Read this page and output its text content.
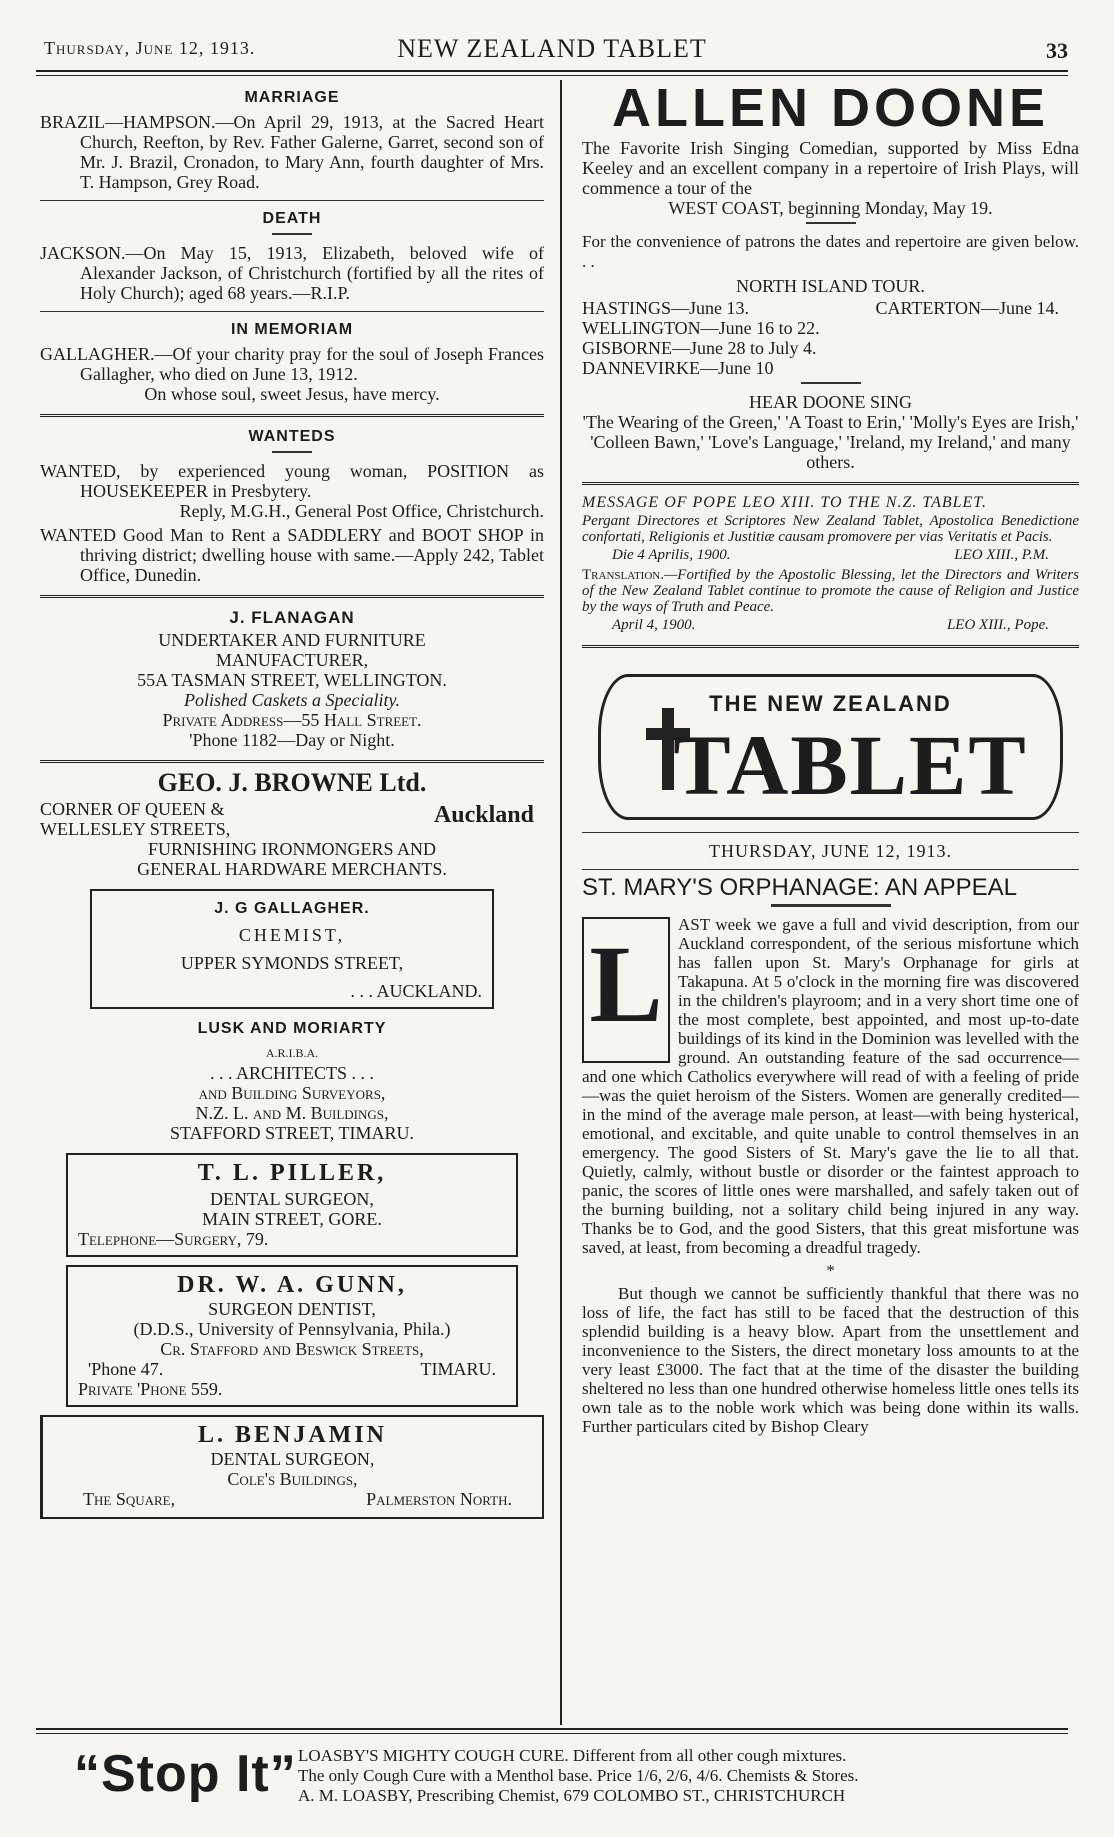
Thursday, June 12, 1913.	NEW ZEALAND TABLET	33
MARRIAGE

BRAZIL—HAMPSON.—On April 29, 1913, at the Sacred Heart Church, Reefton, by Rev. Father Galerne, Garret, second son of Mr. J. Brazil, Cronadon, to Mary Ann, fourth daughter of Mrs. T. Hampson, Grey Road.

DEATH

JACKSON.—On May 15, 1913, Elizabeth, beloved wife of Alexander Jackson, of Christchurch (fortified by all the rites of Holy Church); aged 68 years.—R.I.P.

IN MEMORIAM

GALLAGHER.—Of your charity pray for the soul of Joseph Frances Gallagher, who died on June 13, 1912.

On whose soul, sweet Jesus, have mercy.

WANTEDS

WANTED, by experienced young woman, POSITION as HOUSEKEEPER in Presbytery.

Reply, M.G.H., General Post Office, Christchurch.

WANTED Good Man to Rent a SADDLERY and BOOT SHOP in thriving district; dwelling house with same.—Apply 242, Tablet Office, Dunedin.

J. FLANAGAN
UNDERTAKER AND FURNITURE
MANUFACTURER,
55A TASMAN STREET, WELLINGTON.
Polished Caskets a Speciality.
Private Address—55 Hall Street.
'Phone 1182—Day or Night.
GEO. J. BROWNE Ltd.
CORNER OF QUEEN &
WELLESLEY STREETS,
Auckland
FURNISHING IRONMONGERS AND
GENERAL HARDWARE MERCHANTS.
J. G GALLAGHER.
CHEMIST,
UPPER SYMONDS STREET,
. . . AUCKLAND.
LUSK AND MORIARTY
A.R.I.B.A.
. . . ARCHITECTS . . .
and Building Surveyors,
N.Z. L. and M. Buildings,
STAFFORD STREET, TIMARU.
T. L. PILLER,
DENTAL SURGEON,
MAIN STREET, GORE.
Telephone—Surgery, 79.
DR. W. A. GUNN,
SURGEON DENTIST,
(D.D.S., University of Pennsylvania, Phila.)
Cr. Stafford and Beswick Streets,
'Phone 47.	TIMARU.
Private 'Phone 559.
L. BENJAMIN
DENTAL SURGEON,
Cole's Buildings,
The Square,	Palmerston North.
ALLEN DOONE

The Favorite Irish Singing Comedian, supported by Miss Edna Keeley and an excellent company in a repertoire of Irish Plays, will commence a tour of the

WEST COAST, beginning Monday, May 19.

For the convenience of patrons the dates and repertoire are given below. . .

NORTH ISLAND TOUR.
HASTINGS—June 13.	CARTERTON—June 14.
WELLINGTON—June 16 to 22.
GISBORNE—June 28 to July 4.
DANNEVIRKE—June 10
HEAR DOONE SING

'The Wearing of the Green,' 'A Toast to Erin,' 'Molly's Eyes are Irish,' 'Colleen Bawn,' 'Love's Language,' 'Ireland, my Ireland,' and many others.

MESSAGE OF POPE LEO XIII. TO THE N.Z. TABLET.

Pergant Directores et Scriptores New Zealand Tablet, Apostolica Benedictione confortati, Religionis et Justitiæ causam promovere per vias Veritatis et Pacis.

Die 4 Aprilis, 1900.	LEO XIII., P.M.

Translation.—Fortified by the Apostolic Blessing, let the Directors and Writers of the New Zealand Tablet continue to promote the cause of Religion and Justice by the ways of Truth and Peace.

April 4, 1900.	LEO XIII., Pope.
THE NEW ZEALAND
TABLET
THURSDAY, JUNE 12, 1913.
ST. MARY'S ORPHANAGE: AN APPEAL
L AST week we gave a full and vivid description, from our Auckland correspondent, of the serious misfortune which has fallen upon St. Mary's Orphanage for girls at Takapuna. At 5 o'clock in the morning fire was discovered in the children's playroom; and in a very short time one of the most complete, best appointed, and most up-to-date buildings of its kind in the Dominion was levelled with the ground. An outstanding feature of the sad occurrence—and one which Catholics everywhere will read of with a feeling of pride—was the quiet heroism of the Sisters. Women are generally credited—in the mind of the average male person, at least—with being hysterical, emotional, and excitable, and quite unable to control themselves in an emergency. The good Sisters of St. Mary's gave the lie to all that. Quietly, calmly, without bustle or disorder or the faintest approach to panic, the scores of little ones were marshalled, and safely taken out of the burning building, not a solitary child being injured in any way. Thanks be to God, and the good Sisters, that this great misfortune was saved, at least, from becoming a dreadful tragedy.
*

But though we cannot be sufficiently thankful that there was no loss of life, the fact has still to be faced that the destruction of this splendid building is a heavy blow. Apart from the unsettlement and inconvenience to the Sisters, the direct monetary loss amounts to at the very least £3000. The fact that at the time of the disaster the building sheltered no less than one hundred otherwise homeless little ones tells its own tale as to the noble work which was being done within its walls. Further particulars cited by Bishop Cleary

“Stop It” LOASBY'S MIGHTY COUGH CURE. Different from all other cough mixtures.
The only Cough Cure with a Menthol base. Price 1/6, 2/6, 4/6. Chemists & Stores.
A. M. LOASBY, Prescribing Chemist, 679 COLOMBO ST., CHRISTCHURCH
